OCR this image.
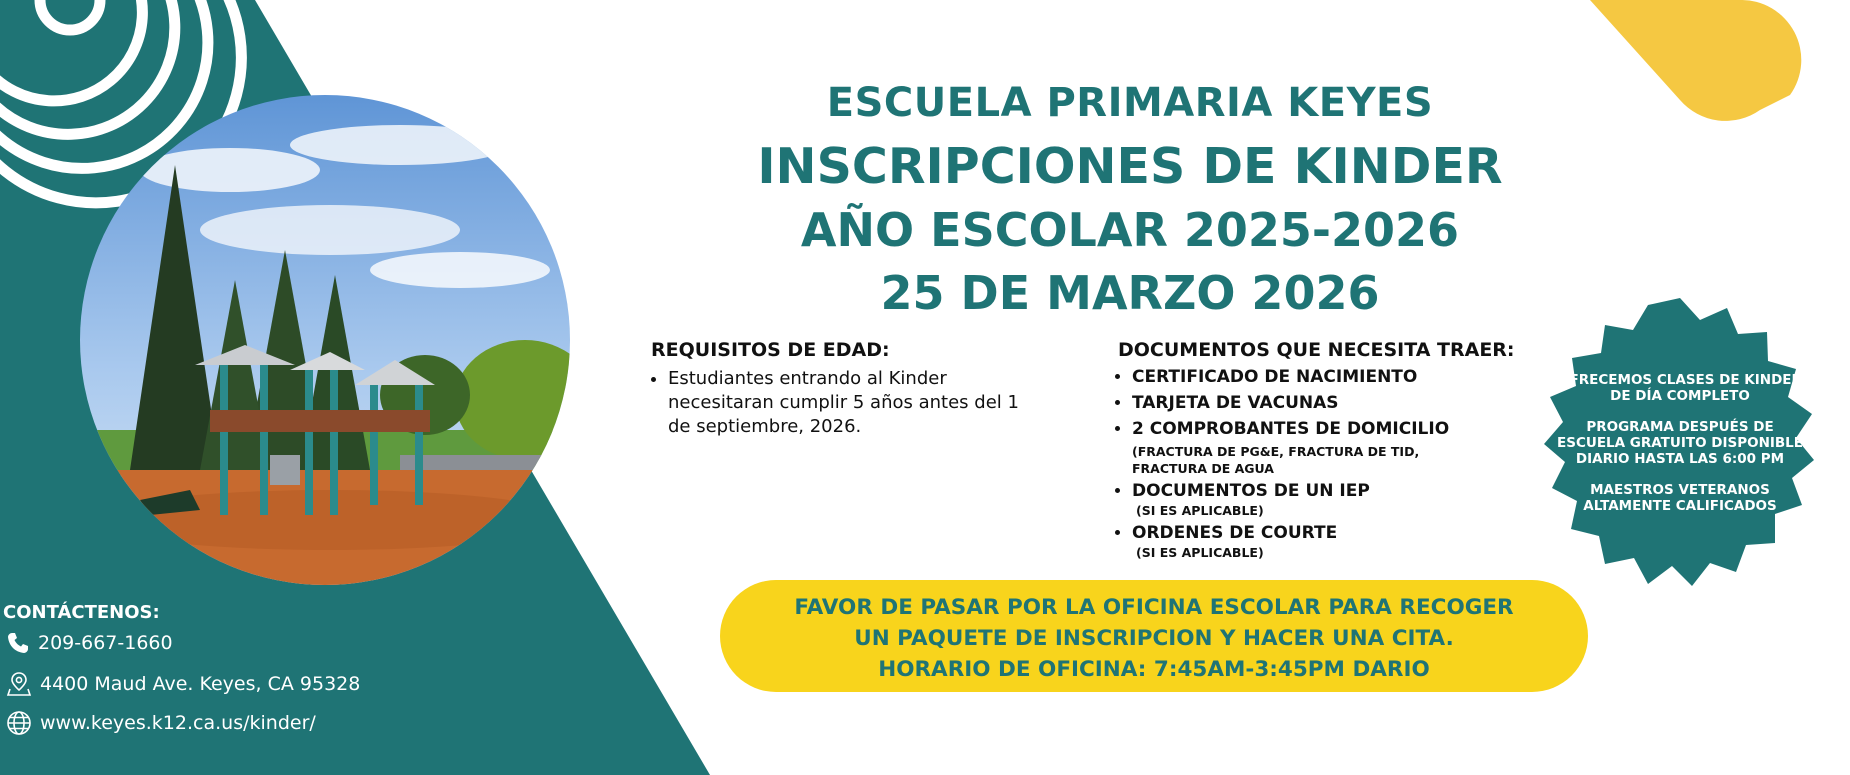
ESCUELA PRIMARIA KEYES
INSCRIPCIONES DE KINDER
AÑO ESCOLAR 2025-2026
25 DE MARZO 2026
REQUISITOS DE EDAD:
• Estudiantes entrando al Kinder necesitaran cumplir 5 años antes del 1 de septiembre, 2026.
DOCUMENTOS QUE NECESITA TRAER:
• CERTIFICADO DE NACIMIENTO
• TARJETA DE VACUNAS
• 2 COMPROBANTES DE DOMICILIO
(FRACTURA DE PG&E, FRACTURA DE TID, FRACTURA DE AGUA
• DOCUMENTOS DE UN IEP
(SI ES APLICABLE)
• ORDENES DE COURTE
(SI ES APLICABLE)

OFRECEMOS CLASES DE KINDER DE DÍA COMPLETO

PROGRAMA DESPUÉS DE ESCUELA GRATUITO DISPONIBLE DIARIO HASTA LAS 6:00 PM

MAESTROS VETERANOS ALTAMENTE CALIFICADOS

FAVOR DE PASAR POR LA OFICINA ESCOLAR PARA RECOGER
UN PAQUETE DE INSCRIPCION Y HACER UNA CITA.
HORARIO DE OFICINA: 7:45AM-3:45PM DARIO
CONTÁCTENOS:
209-667-1660
4400 Maud Ave. Keyes, CA 95328
www.keyes.k12.ca.us/kinder/
